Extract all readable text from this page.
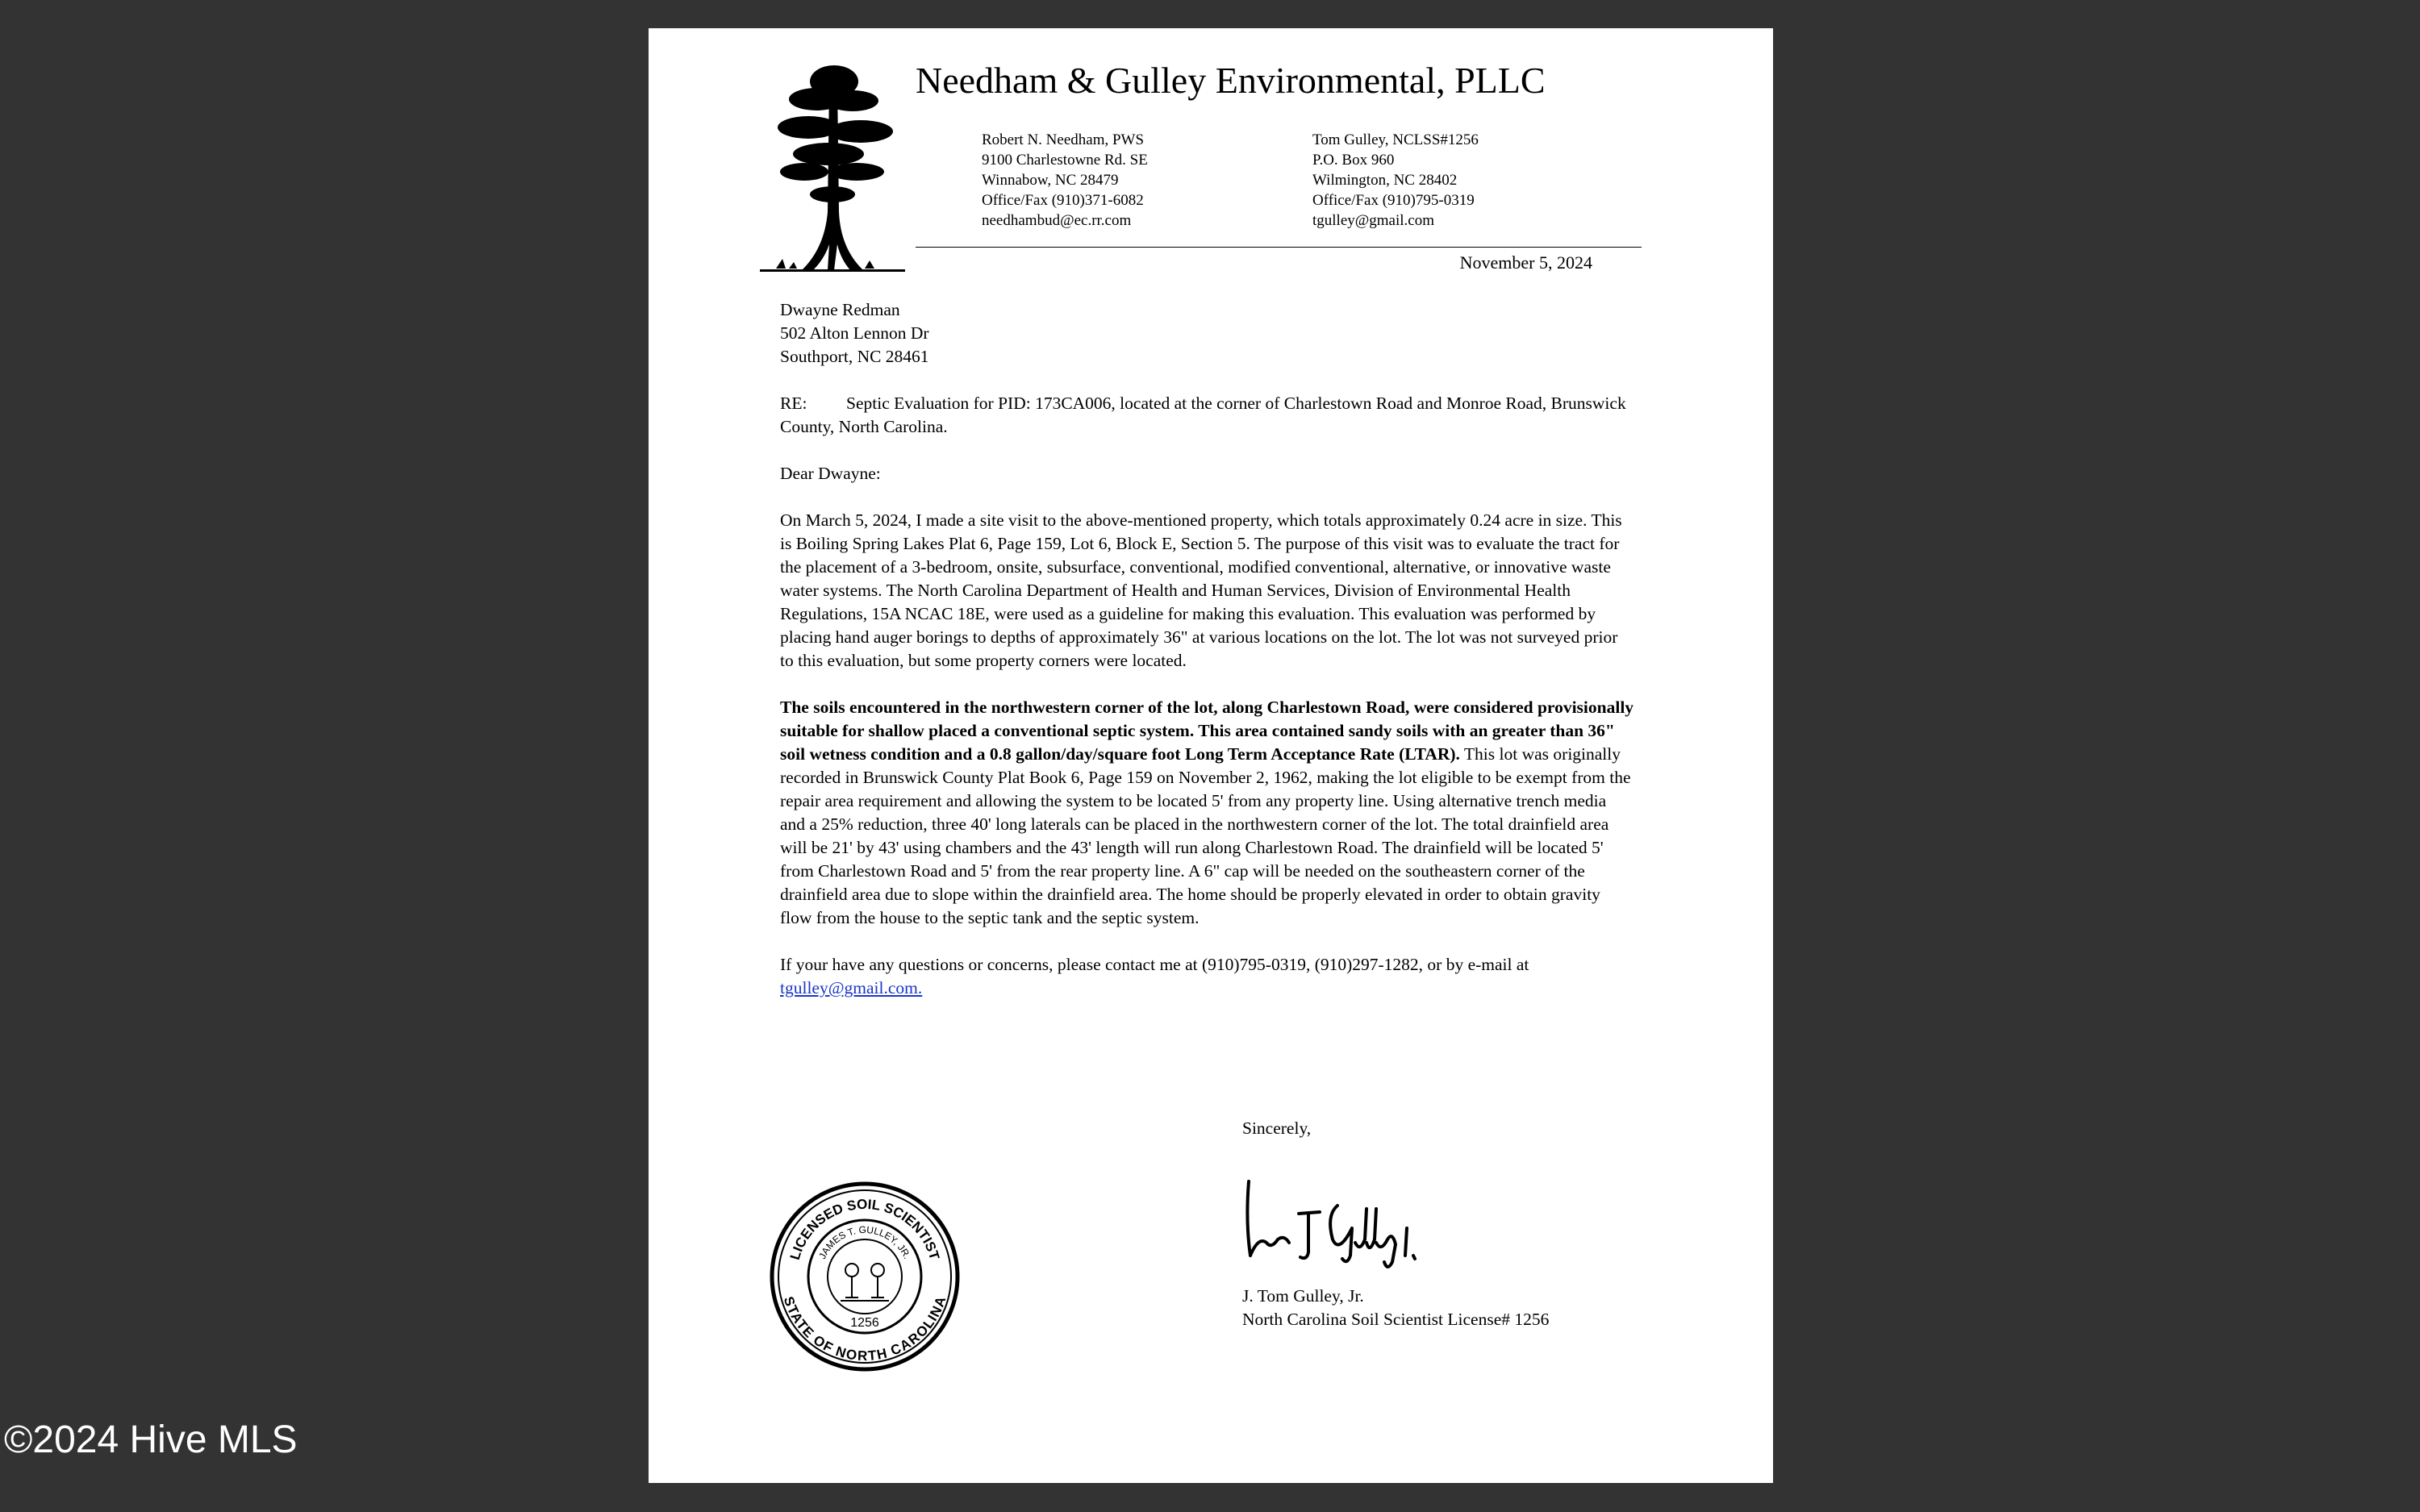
Needham & Gulley Environmental, PLLC
Robert N. Needham, PWS
9100 Charlestowne Rd. SE
Winnabow, NC 28479
Office/Fax (910)371-6082
needhambud@ec.rr.com
Tom Gulley, NCLSS#1256
P.O. Box 960
Wilmington, NC 28402
Office/Fax (910)795-0319
tgulley@gmail.com
November 5, 2024

Dwayne Redman
502 Alton Lennon Dr
Southport, NC 28461

RE: Septic Evaluation for PID: 173CA006, located at the corner of Charlestown Road and Monroe Road, Brunswick County, North Carolina.

Dear Dwayne:

On March 5, 2024, I made a site visit to the above-mentioned property, which totals approximately 0.24 acre in size. This is Boiling Spring Lakes Plat 6, Page 159, Lot 6, Block E, Section 5. The purpose of this visit was to evaluate the tract for the placement of a 3-bedroom, onsite, subsurface, conventional, modified conventional, alternative, or innovative waste water systems. The North Carolina Department of Health and Human Services, Division of Environmental Health Regulations, 15A NCAC 18E, were used as a guideline for making this evaluation. This evaluation was performed by placing hand auger borings to depths of approximately 36" at various locations on the lot. The lot was not surveyed prior to this evaluation, but some property corners were located.

The soils encountered in the northwestern corner of the lot, along Charlestown Road, were considered provisionally suitable for shallow placed a conventional septic system. This area contained sandy soils with an greater than 36" soil wetness condition and a 0.8 gallon/day/square foot Long Term Acceptance Rate (LTAR). This lot was originally recorded in Brunswick County Plat Book 6, Page 159 on November 2, 1962, making the lot eligible to be exempt from the repair area requirement and allowing the system to be located 5' from any property line. Using alternative trench media and a 25% reduction, three 40' long laterals can be placed in the northwestern corner of the lot. The total drainfield area will be 21' by 43' using chambers and the 43' length will run along Charlestown Road. The drainfield will be located 5' from Charlestown Road and 5' from the rear property line. A 6" cap will be needed on the southeastern corner of the drainfield area due to slope within the drainfield area. The home should be properly elevated in order to obtain gravity flow from the house to the septic tank and the septic system.

If your have any questions or concerns, please contact me at (910)795-0319, (910)297-1282, or by e-mail at tgulley@gmail.com.

Sincerely,
J. Tom Gulley, Jr.
North Carolina Soil Scientist License# 1256
LICENSED SOIL SCIENTIST
STATE OF NORTH CAROLINA
JAMES T. GULLEY, JR.
1256
©2024 Hive MLS
